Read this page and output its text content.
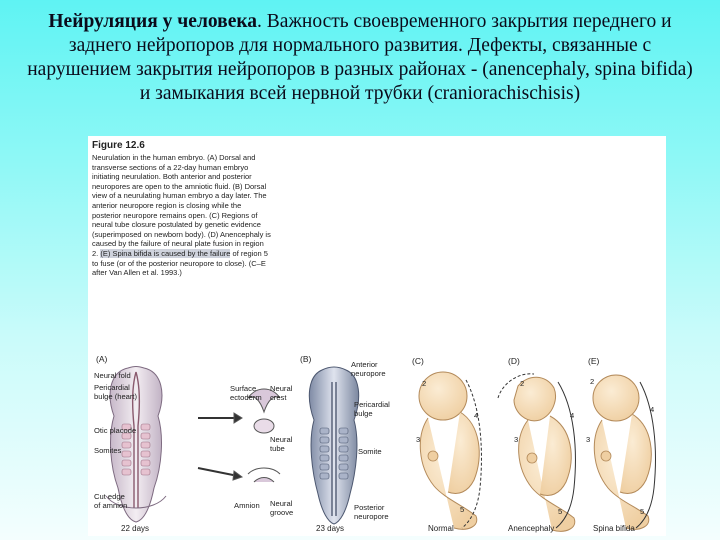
Нейруляция у человека. Важность своевременного закрытия переднего и заднего нейропоров для нормального развития. Дефекты, связанные с нарушением закрытия нейропоров в разных районах - (anencephaly, spina bifida) и замыкания всей нервной трубки (craniorachischisis)
Figure 12.6

Neurulation in the human embryo. (A) Dorsal and transverse sections of a 22-day human embryo initiating neurulation. Both anterior and posterior neuropores are open to the amniotic fluid. (B) Dorsal view of a neurulating human embryo a day later. The anterior neuropore region is closing while the posterior neuropore remains open. (C) Regions of neural tube closure postulated by genetic evidence (superimposed on newborn body). (D) Anencephaly is caused by the failure of neural plate fusion in region 2. (E) Spina bifida is caused by the failure of region 5 to fuse (or of the posterior neuropore to close). (C–E after Van Allen et al. 1993.)

(A)	(B)	(C)	(D)	(E)
Neural fold
Pericardial
bulge (heart)
Otic placode
Somites
Cut edge
of amnion
Surface
ectoderm
Amnion
Neural
crest
Neural
tube
Neural
groove
22 days
Anterior
neuropore
Pericardial
bulge
Somite
Posterior
neuropore
23 days
2
4
3
5
2
4
3
5
2
4
3
5
Normal	Anencephaly	Spina bifida
